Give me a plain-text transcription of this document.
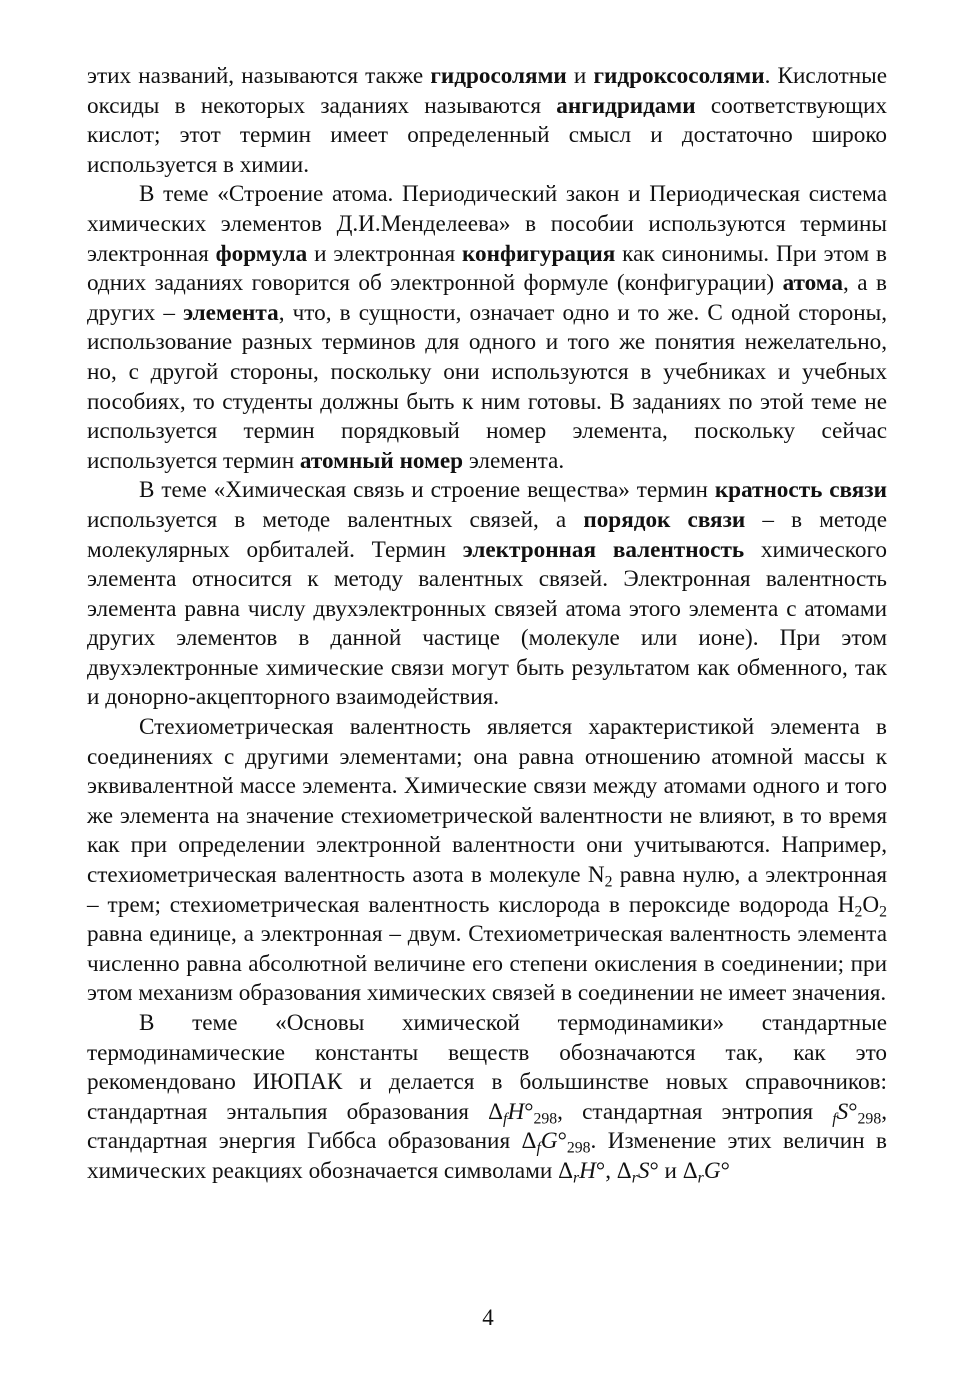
этих названий, называются также гидросолями и гидроксосолями. Кислотные оксиды в некоторых заданиях называются ангидридами соответствующих кислот; этот термин имеет определенный смысл и достаточно широко используется в химии.

В теме «Строение атома. Периодический закон и Периодическая система химических элементов Д.И.Менделеева» в пособии используются термины электронная формула и электронная конфигурация как синонимы. При этом в одних заданиях говорится об электронной формуле (конфигурации) атома, а в других – элемента, что, в сущности, означает одно и то же. С одной стороны, использование разных терминов для одного и того же понятия нежелательно, но, с другой стороны, поскольку они используются в учебниках и учебных пособиях, то студенты должны быть к ним готовы. В заданиях по этой теме не используется термин порядковый номер элемента, поскольку сейчас используется термин атомный номер элемента.

В теме «Химическая связь и строение вещества» термин кратность связи используется в методе валентных связей, а порядок связи – в методе молекулярных орбиталей. Термин электронная валентность химического элемента относится к методу валентных связей. Электронная валентность элемента равна числу двухэлектронных связей атома этого элемента с атомами других элементов в данной частице (молекуле или ионе). При этом двухэлектронные химические связи могут быть результатом как обменного, так и донорно-акцепторного взаимодействия.

Стехиометрическая валентность является характеристикой элемента в соединениях с другими элементами; она равна отношению атомной массы к эквивалентной массе элемента. Химические связи между атомами одного и того же элемента на значение стехиометрической валентности не влияют, в то время как при определении электронной валентности они учитываются. Например, стехиометрическая валентность азота в молекуле $N_2$ равна нулю, а электронная – трем; стехиометрическая валентность кислорода в пероксиде водорода $H_2O_2$ равна единице, а электронная – двум. Стехиометрическая валентность элемента численно равна абсолютной величине его степени окисления в соединении; при этом механизм образования химических связей в соединении не имеет значения.

В теме «Основы химической термодинамики» стандартные термодинамические константы веществ обозначаются так, как это рекомендовано ИЮПАК и делается в большинстве новых справочников: стандартная энтальпия образования $\Delta_fH^\circ_{298}$, стандартная энтропия $_fS^\circ_{298}$, стандартная энергия Гиббса образования $\Delta_fG^\circ_{298}$. Изменение этих величин в химических реакциях обозначается символами $\Delta_rH^\circ$, $\Delta_rS^\circ$ и $\Delta_rG^\circ$

4
